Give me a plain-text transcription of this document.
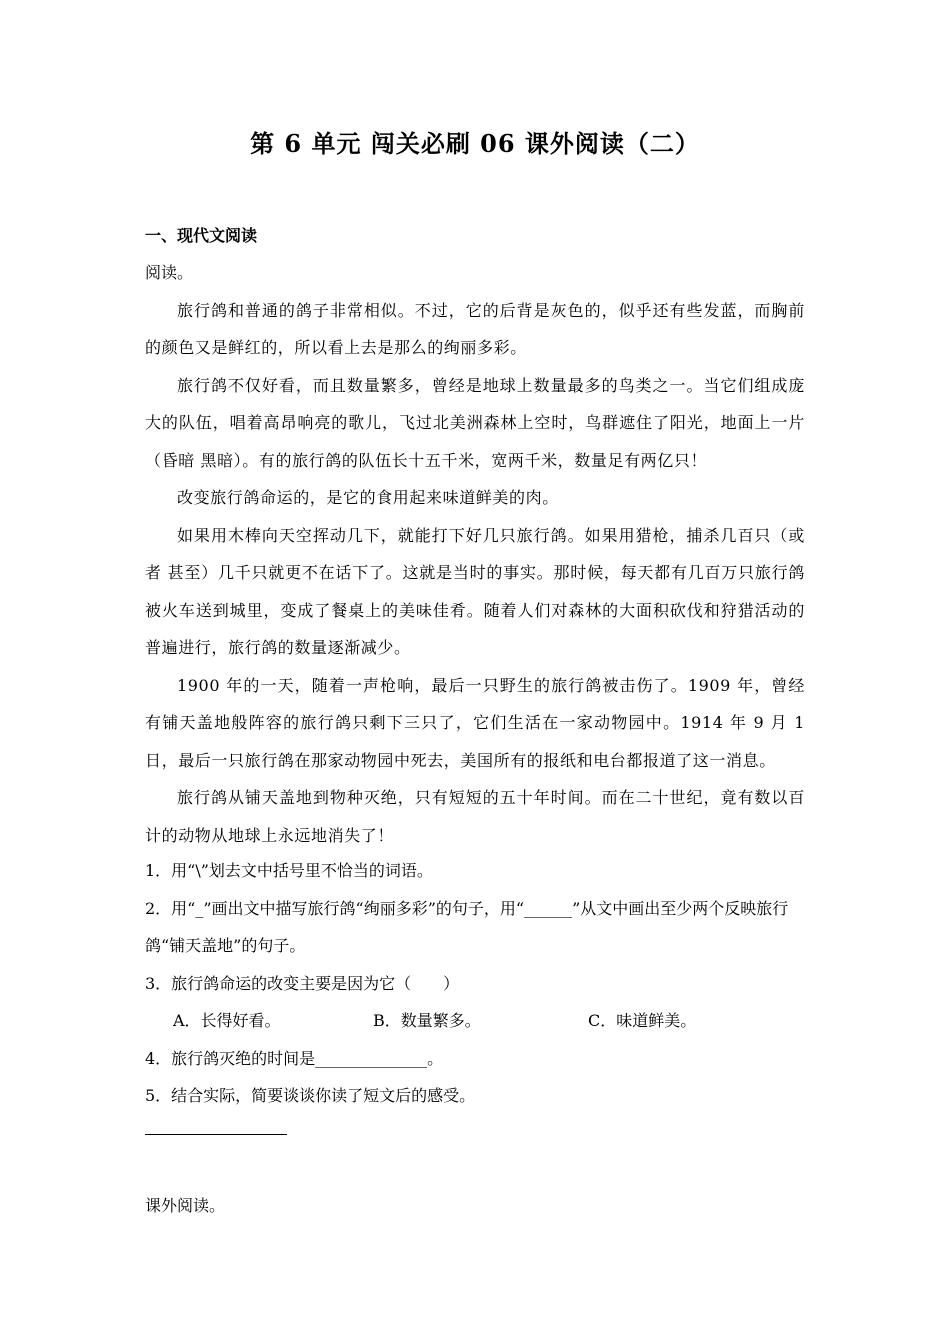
第 6 单元 闯关必刷 06 课外阅读（二）
一、现代文阅读
阅读。

旅行鸽和普通的鸽子非常相似。不过，它的后背是灰色的，似乎还有些发蓝，而胸前的颜色又是鲜红的，所以看上去是那么的绚丽多彩。

旅行鸽不仅好看，而且数量繁多，曾经是地球上数量最多的鸟类之一。当它们组成庞大的队伍，唱着高昂响亮的歌儿，飞过北美洲森林上空时，鸟群遮住了阳光，地面上一片（昏暗 黑暗）。有的旅行鸽的队伍长十五千米，宽两千米，数量足有两亿只！

改变旅行鸽命运的，是它的食用起来味道鲜美的肉。

如果用木棒向天空挥动几下，就能打下好几只旅行鸽。如果用猎枪，捕杀几百只（或者 甚至）几千只就更不在话下了。这就是当时的事实。那时候，每天都有几百万只旅行鸽被火车送到城里，变成了餐桌上的美味佳肴。随着人们对森林的大面积砍伐和狩猎活动的普遍进行，旅行鸽的数量逐渐减少。

1900 年的一天，随着一声枪响，最后一只野生的旅行鸽被击伤了。1909 年，曾经有铺天盖地般阵容的旅行鸽只剩下三只了，它们生活在一家动物园中。1914 年 9 月 1 日，最后一只旅行鸽在那家动物园中死去，美国所有的报纸和电台都报道了这一消息。

旅行鸽从铺天盖地到物种灭绝，只有短短的五十年时间。而在二十世纪，竟有数以百计的动物从地球上永远地消失了！

1．用“\”划去文中括号里不恰当的词语。

2．用“_”画出文中描写旅行鸽“绚丽多彩”的句子，用“______”从文中画出至少两个反映旅行鸽“铺天盖地”的句子。

3．旅行鸽命运的改变主要是因为它（　　）

A．长得好看。	B．数量繁多。	C．味道鲜美。

4．旅行鸽灭绝的时间是______________。

5．结合实际，简要谈谈你读了短文后的感受。

课外阅读。
